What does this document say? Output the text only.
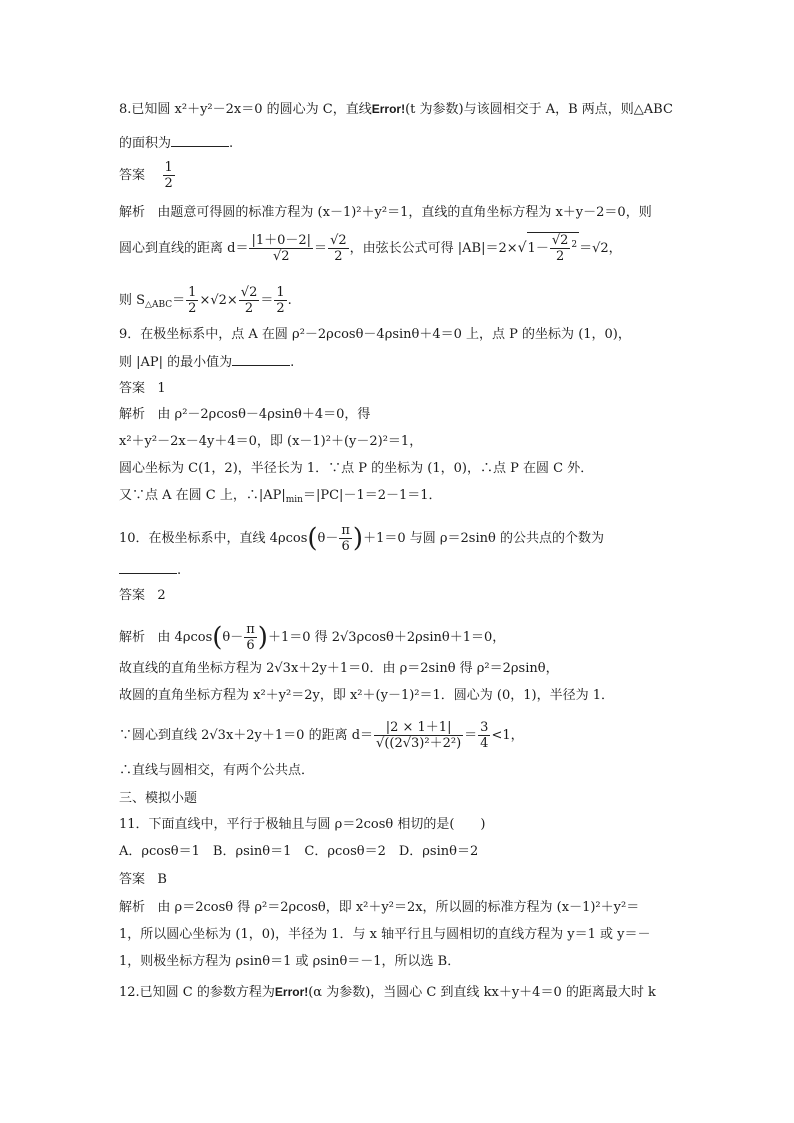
8.已知圆 x²＋y²－2x＝0 的圆心为 C，直线Error!(t 为参数)与该圆相交于 A，B 两点，则△ABC
的面积为	.
答案 $\frac{1}{2}$
解析 由题意可得圆的标准方程为 (x－1)²＋y²＝1，直线的直角坐标方程为 x＋y－2＝0，则
圆心到直线的距离 $d= \frac{|1+0-2|}{√2} = \frac{√2}{2}$ ，由弦长公式可得 $|AB|=2\times√1- \frac{√2}{2} ^2 =√2$，
则 $S_{\triangle ABC}= \frac{1}{2} \times√2\times \frac{√2}{2} = \frac{1}{2}$ .
9．在极坐标系中，点 A 在圆 ρ²－2ρcosθ－4ρsinθ＋4＝0 上，点 P 的坐标为 (1，0)，
则 |AP| 的最小值为	.
答案 1
解析 由 ρ²－2ρcosθ－4ρsinθ＋4＝0，得
x²＋y²－2x－4y＋4＝0，即 (x－1)²＋(y－2)²＝1，
圆心坐标为 C(1，2)，半径长为 1．∵点 P 的坐标为 (1，0)，∴点 P 在圆 C 外．
又∵点 A 在圆 C 上，$\therefore|AP|_{min}=|PC|-1=2-1=1$．
10．在极坐标系中，直线 $4\rho\cos(\theta- \frac{\pi}{6} )+1=0$ 与圆 ρ＝2sinθ 的公共点的个数为
.
答案 2
解析 由 $4\rho\cos(\theta- \frac{\pi}{6} )+1=0$ 得 2√3ρcosθ＋2ρsinθ＋1＝0，
故直线的直角坐标方程为 2√3x＋2y＋1＝0．由 ρ＝2sinθ 得 ρ²＝2ρsinθ，
故圆的直角坐标方程为 x²＋y²＝2y，即 x²＋(y－1)²＝1．圆心为 (0，1)，半径为 1．
∵圆心到直线 2√3x＋2y＋1＝0 的距离 $d= \frac{|2 \times 1+1|}{\text{√((2√3)²＋2²)}} = \frac{3}{4} <1$，
∴直线与圆相交，有两个公共点．
三、模拟小题
11．下面直线中，平行于极轴且与圆 ρ＝2cosθ 相切的是(　　)
A．ρcosθ＝1　B．ρsinθ＝1　C．ρcosθ＝2　D．ρsinθ＝2
答案 B
解析 由 ρ＝2cosθ 得 ρ²＝2ρcosθ，即 x²＋y²＝2x，所以圆的标准方程为 (x－1)²＋y²＝
1，所以圆心坐标为 (1，0)，半径为 1．与 x 轴平行且与圆相切的直线方程为 y＝1 或 y＝－
1，则极坐标方程为 ρsinθ＝1 或 ρsinθ＝－1，所以选 B．
12.已知圆 C 的参数方程为Error!(α 为参数)，当圆心 C 到直线 kx＋y＋4＝0 的距离最大时 k
